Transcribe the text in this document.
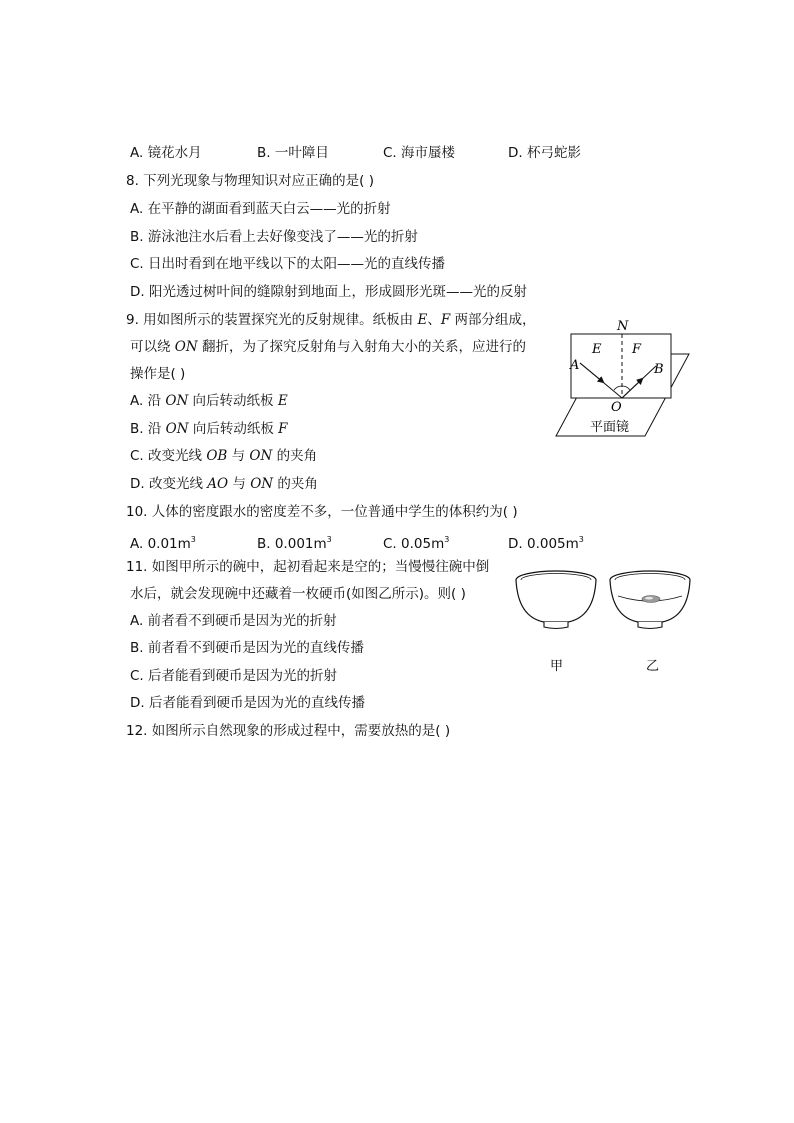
A. 镜花水月	B. 一叶障目	C. 海市蜃楼	D. 杯弓蛇影
8. 下列光现象与物理知识对应正确的是( )
A. 在平静的湖面看到蓝天白云——光的折射
B. 游泳池注水后看上去好像变浅了——光的折射
C. 日出时看到在地平线以下的太阳——光的直线传播
D. 阳光透过树叶间的缝隙射到地面上，形成圆形光斑——光的反射
9. 用如图所示的装置探究光的反射规律。纸板由 E、F 两部分组成，
可以绕 ON 翻折，为了探究反射角与入射角大小的关系，应进行的
操作是( )
A. 沿 ON 向后转动纸板 E
B. 沿 ON 向后转动纸板 F
C. 改变光线 OB 与 ON 的夹角
D. 改变光线 AO 与 ON 的夹角
N
E F
A	B
O
平面镜
10. 人体的密度跟水的密度差不多，一位普通中学生的体积约为( )
A. $0.01m^3$	B. $0.001m^3$	C. $0.05m^3$	D. $0.005m^3$
11. 如图甲所示的碗中，起初看起来是空的；当慢慢往碗中倒
水后，就会发现碗中还藏着一枚硬币(如图乙所示)。则( )
A. 前者看不到硬币是因为光的折射
B. 前者看不到硬币是因为光的直线传播
C. 后者能看到硬币是因为光的折射
D. 后者能看到硬币是因为光的直线传播
甲	乙
12. 如图所示自然现象的形成过程中，需要放热的是( )
